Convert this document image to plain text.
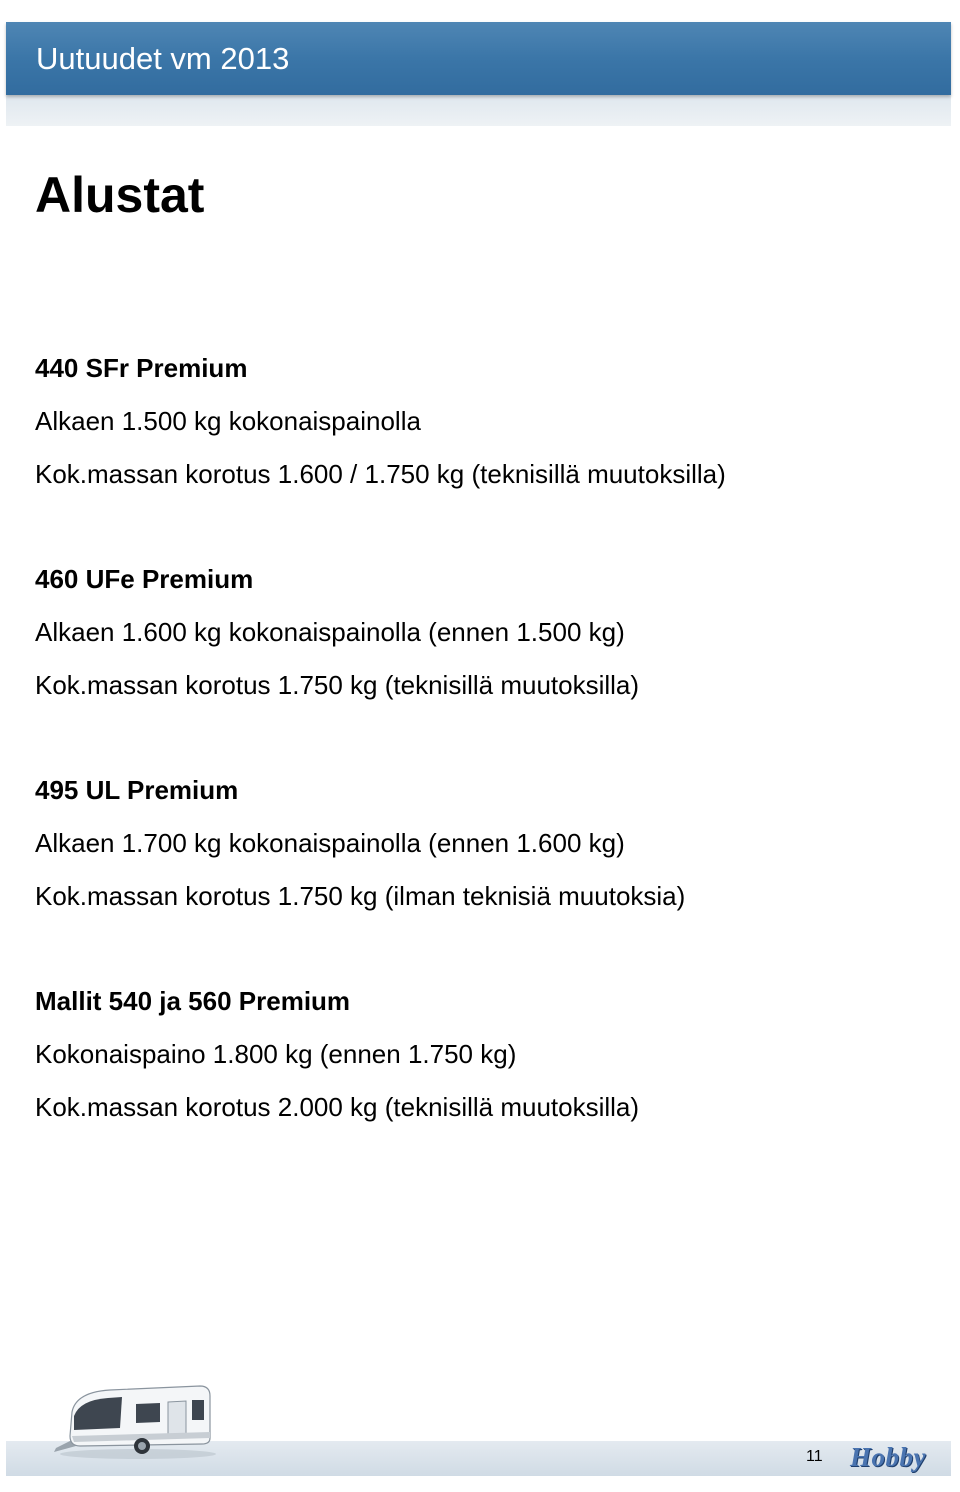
Uutuudet vm 2013
Alustat

440 SFr Premium

Alkaen 1.500 kg kokonaispainolla

Kok.massan korotus 1.600 / 1.750 kg (teknisillä muutoksilla)

460 UFe Premium

Alkaen 1.600 kg kokonaispainolla (ennen 1.500 kg)

Kok.massan korotus 1.750 kg (teknisillä muutoksilla)

495 UL Premium

Alkaen 1.700 kg kokonaispainolla (ennen 1.600 kg)

Kok.massan korotus 1.750 kg (ilman teknisiä muutoksia)

Mallit 540 ja 560 Premium

Kokonaispaino 1.800 kg (ennen 1.750 kg)

Kok.massan korotus 2.000 kg (teknisillä muutoksilla)

11 Hobby
